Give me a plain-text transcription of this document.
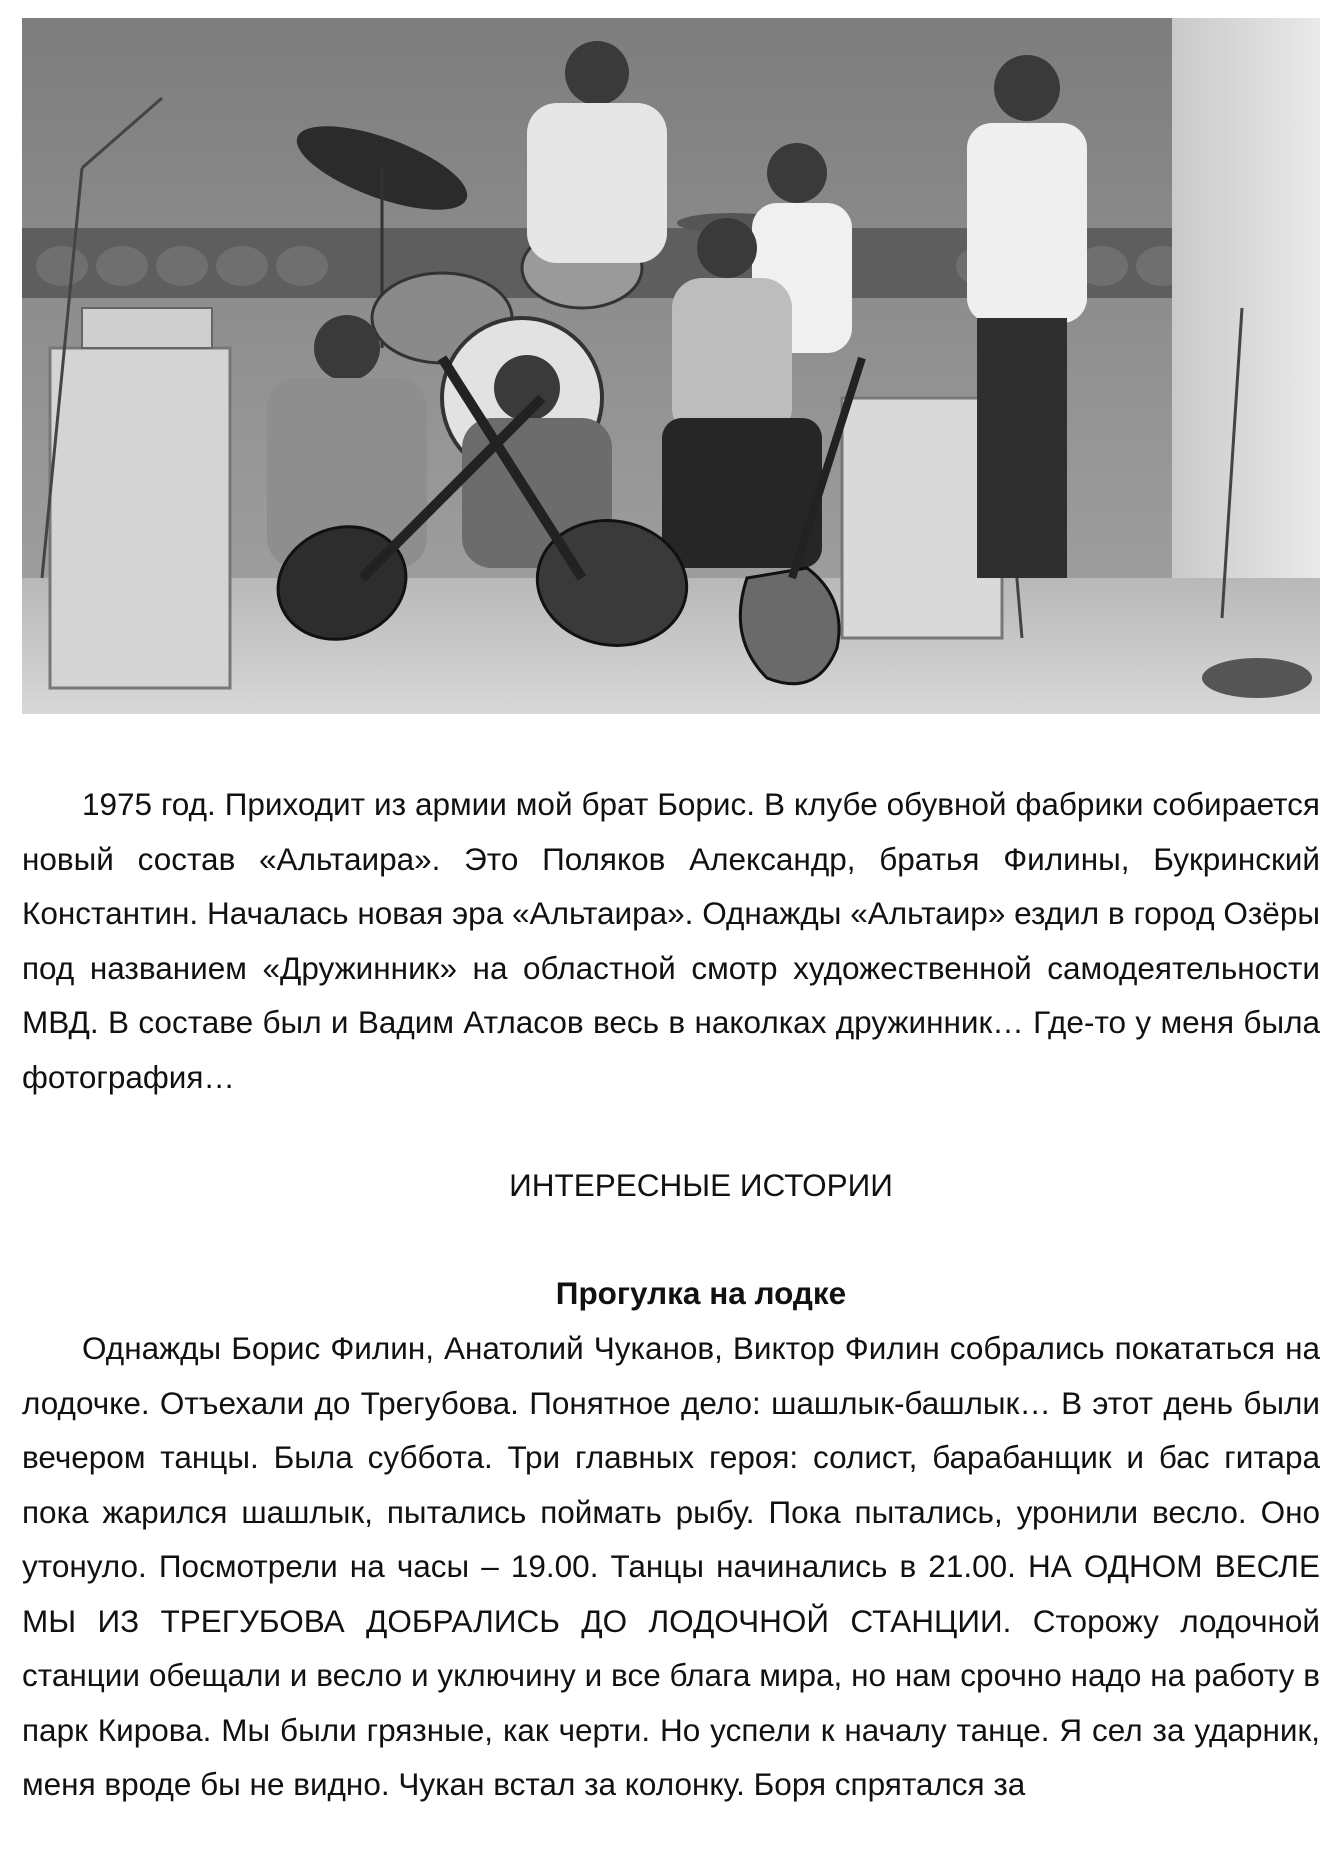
1975 год. Приходит из армии мой брат Борис. В клубе обувной фабрики собирается новый состав «Альтаира». Это Поляков Александр, братья Филины, Букринский Константин. Началась новая эра «Альтаира». Однажды «Альтаир» ездил в город Озёры под названием «Дружинник» на областной смотр художественной самодеятельности МВД. В составе был и Вадим Атласов весь в наколках дружинник… Где-то у меня была фотография…
ИНТЕРЕСНЫЕ ИСТОРИИ
Прогулка на лодке
Однажды Борис Филин, Анатолий Чуканов, Виктор Филин собрались покататься на лодочке. Отъехали до Трегубова. Понятное дело: шашлык-башлык… В этот день были вечером танцы. Была суббота. Три главных героя: солист, барабанщик и бас гитара пока жарился шашлык, пытались поймать рыбу. Пока пытались, уронили весло. Оно утонуло. Посмотрели на часы – 19.00. Танцы начинались в 21.00. НА ОДНОМ ВЕСЛЕ МЫ ИЗ ТРЕГУБОВА ДОБРАЛИСЬ ДО ЛОДОЧНОЙ СТАНЦИИ. Сторожу лодочной станции обещали и весло и уключину и все блага мира, но нам срочно надо на работу в парк Кирова. Мы были грязные, как черти. Но успели к началу танце. Я сел за ударник, меня вроде бы не видно. Чукан встал за колонку. Боря спрятался за
